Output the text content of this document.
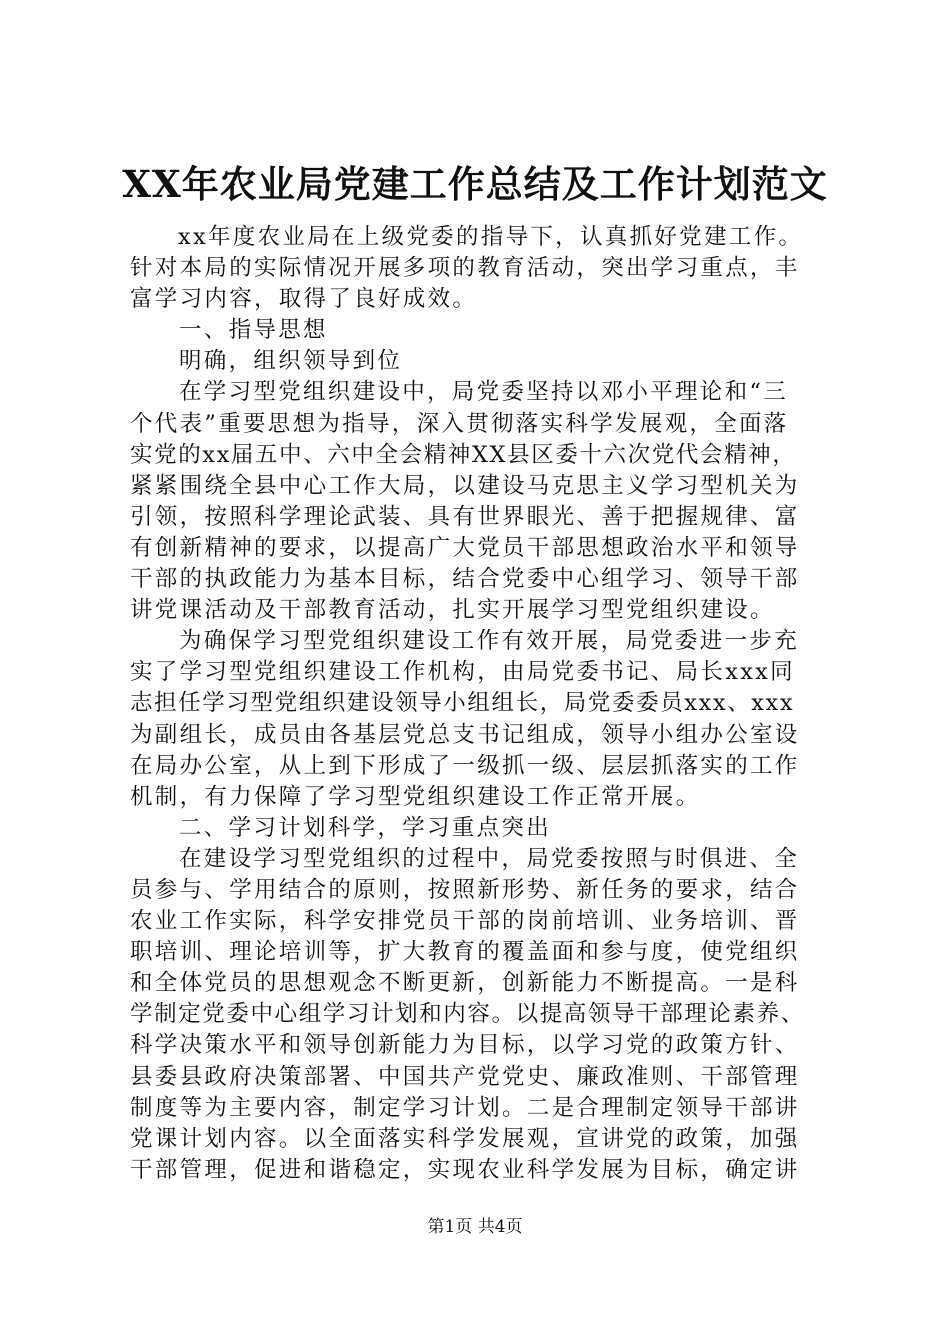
XX年农业局党建工作总结及工作计划范文
xx年度农业局在上级党委的指导下，认真抓好党建工作。
针对本局的实际情况开展多项的教育活动，突出学习重点，丰
富学习内容，取得了良好成效。
一、指导思想
明确，组织领导到位
在学习型党组织建设中，局党委坚持以邓小平理论和“三
个代表”重要思想为指导，深入贯彻落实科学发展观，全面落
实党的xx届五中、六中全会精神XX县区委十六次党代会精神，
紧紧围绕全县中心工作大局，以建设马克思主义学习型机关为
引领，按照科学理论武装、具有世界眼光、善于把握规律、富
有创新精神的要求，以提高广大党员干部思想政治水平和领导
干部的执政能力为基本目标，结合党委中心组学习、领导干部
讲党课活动及干部教育活动，扎实开展学习型党组织建设。
为确保学习型党组织建设工作有效开展，局党委进一步充
实了学习型党组织建设工作机构，由局党委书记、局长xxx同
志担任学习型党组织建设领导小组组长，局党委委员xxx、xxx
为副组长，成员由各基层党总支书记组成，领导小组办公室设
在局办公室，从上到下形成了一级抓一级、层层抓落实的工作
机制，有力保障了学习型党组织建设工作正常开展。
二、学习计划科学，学习重点突出
在建设学习型党组织的过程中，局党委按照与时俱进、全
员参与、学用结合的原则，按照新形势、新任务的要求，结合
农业工作实际，科学安排党员干部的岗前培训、业务培训、晋
职培训、理论培训等，扩大教育的覆盖面和参与度，使党组织
和全体党员的思想观念不断更新，创新能力不断提高。一是科
学制定党委中心组学习计划和内容。以提高领导干部理论素养、
科学决策水平和领导创新能力为目标，以学习党的政策方针、
县委县政府决策部署、中国共产党党史、廉政准则、干部管理
制度等为主要内容，制定学习计划。二是合理制定领导干部讲
党课计划内容。以全面落实科学发展观，宣讲党的政策，加强
干部管理，促进和谐稳定，实现农业科学发展为目标，确定讲
第1页 共4页
